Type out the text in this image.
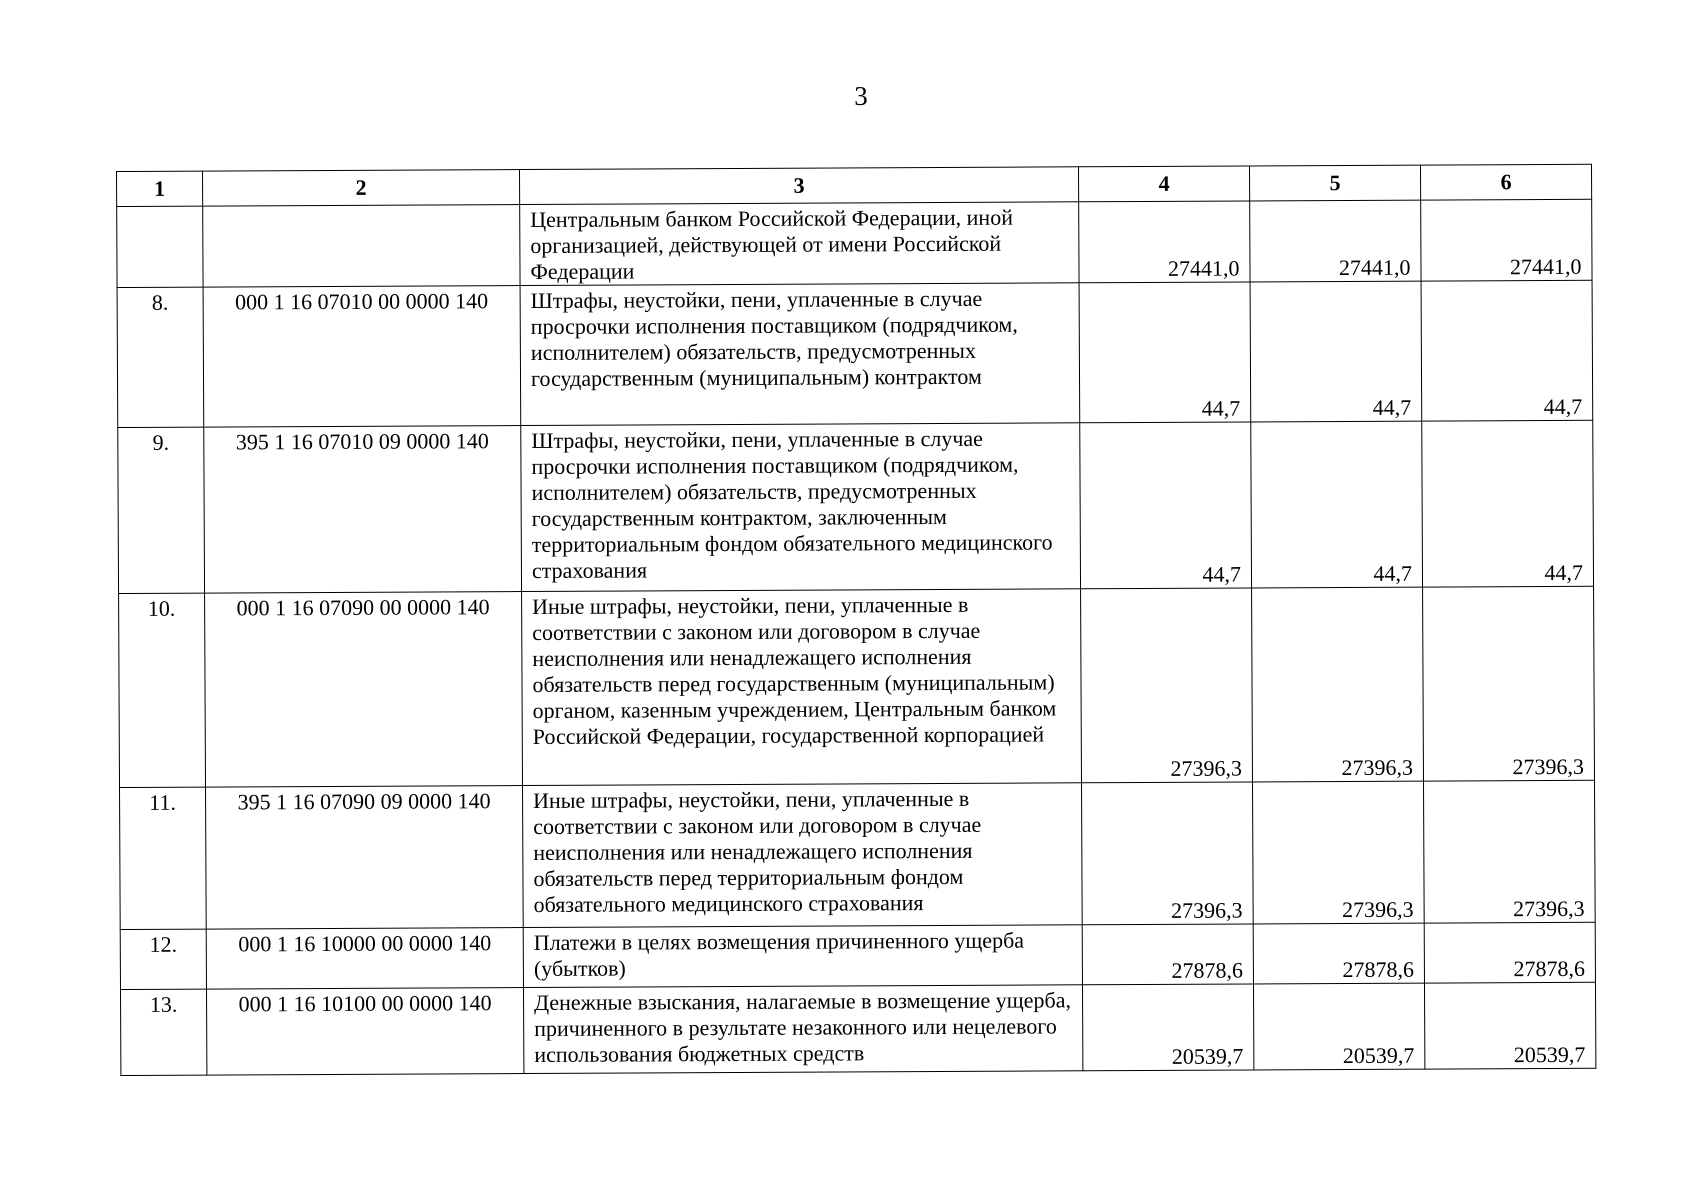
3
1	2	3	4	5	6
		Центральным банком Российской Федерации, иной организацией, действующей от имени Российской Федерации	27441,0	27441,0	27441,0
8.	000 1 16 07010 00 0000 140	Штрафы, неустойки, пени, уплаченные в случае просрочки исполнения поставщиком (подрядчиком, исполнителем) обязательств, предусмотренных государственным (муниципальным) контрактом	44,7	44,7	44,7
9.	395 1 16 07010 09 0000 140	Штрафы, неустойки, пени, уплаченные в случае просрочки исполнения поставщиком (подрядчиком, исполнителем) обязательств, предусмотренных государственным контрактом, заключенным территориальным фондом обязательного медицинского страхования	44,7	44,7	44,7
10.	000 1 16 07090 00 0000 140	Иные штрафы, неустойки, пени, уплаченные в соответствии с законом или договором в случае неисполнения или ненадлежащего исполнения обязательств перед государственным (муниципальным) органом, казенным учреждением, Центральным банком Российской Федерации, государственной корпорацией	27396,3	27396,3	27396,3
11.	395 1 16 07090 09 0000 140	Иные штрафы, неустойки, пени, уплаченные в соответствии с законом или договором в случае неисполнения или ненадлежащего исполнения обязательств перед территориальным фондом обязательного медицинского страхования	27396,3	27396,3	27396,3
12.	000 1 16 10000 00 0000 140	Платежи в целях возмещения причиненного ущерба (убытков)	27878,6	27878,6	27878,6
13.	000 1 16 10100 00 0000 140	Денежные взыскания, налагаемые в возмещение ущерба, причиненного в результате незаконного или нецелевого использования бюджетных средств	20539,7	20539,7	20539,7
